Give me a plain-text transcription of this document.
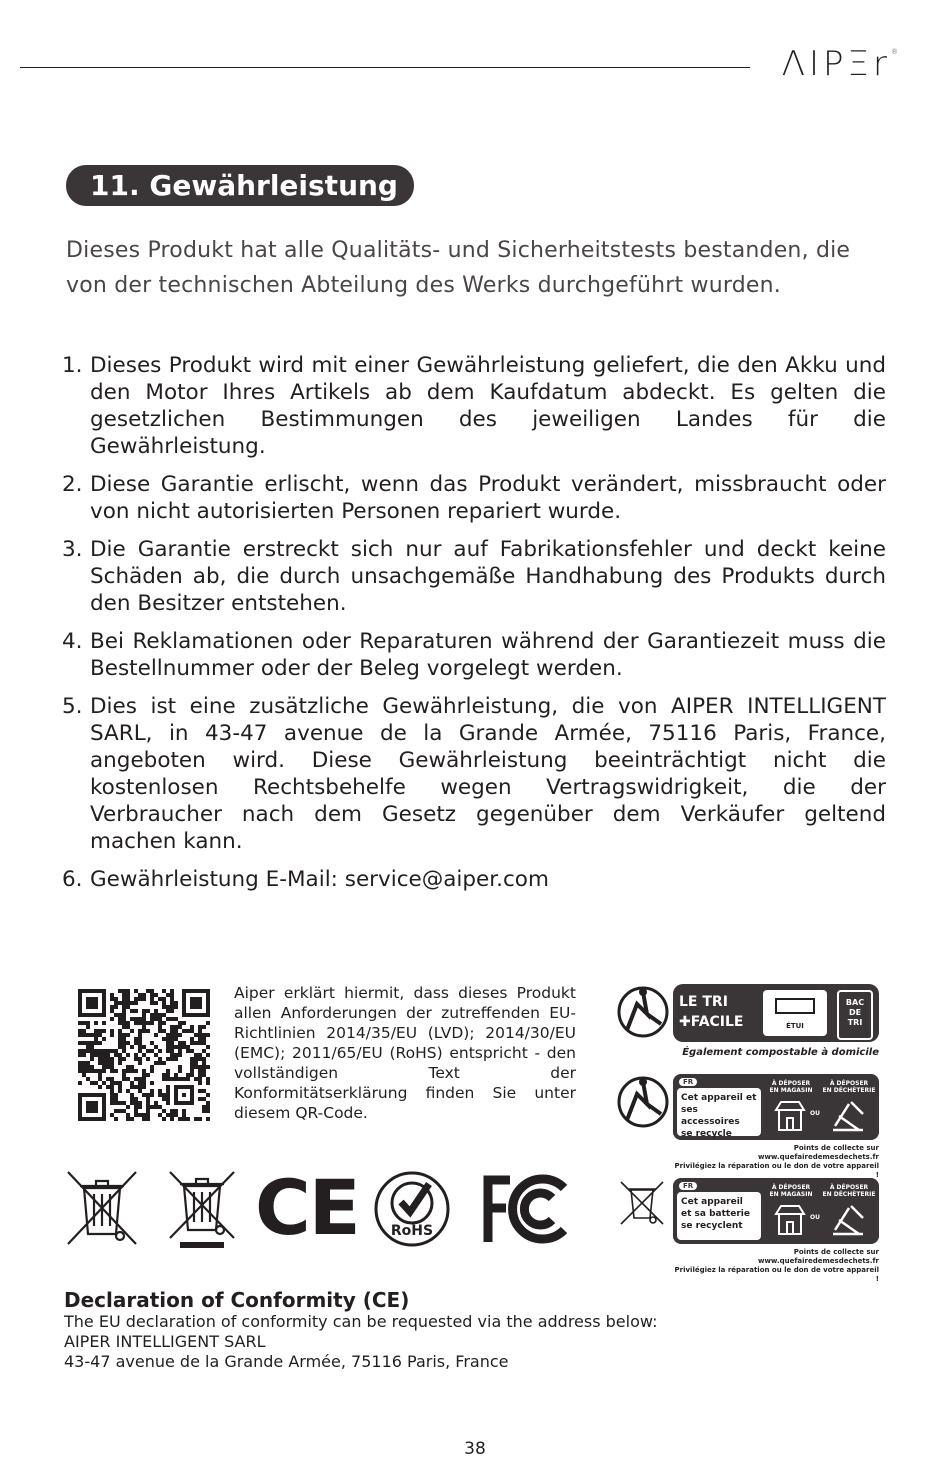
ΛIPΞr®
11. Gewährleistung
Dieses Produkt hat alle Qualitäts- und Sicherheitstests bestanden, die von der technischen Abteilung des Werks durchgeführt wurden.
1. Dieses Produkt wird mit einer Gewährleistung geliefert, die den Akku und den Motor Ihres Artikels ab dem Kaufdatum abdeckt. Es gelten die gesetzlichen Bestimmungen des jeweiligen Landes für die Gewährleistung.
2. Diese Garantie erlischt, wenn das Produkt verändert, missbraucht oder von nicht autorisierten Personen repariert wurde.
3. Die Garantie erstreckt sich nur auf Fabrikationsfehler und deckt keine Schäden ab, die durch unsachgemäße Handhabung des Produkts durch den Besitzer entstehen.
4. Bei Reklamationen oder Reparaturen während der Garantiezeit muss die Bestellnummer oder der Beleg vorgelegt werden.
5. Dies ist eine zusätzliche Gewährleistung, die von AIPER INTELLIGENT SARL, in 43-47 avenue de la Grande Armée, 75116 Paris, France, angeboten wird. Diese Gewährleistung beeinträchtigt nicht die kostenlosen Rechtsbehelfe wegen Vertragswidrigkeit, die der Verbraucher nach dem Gesetz gegenüber dem Verkäufer geltend machen kann.
6. Gewährleistung E-Mail: service@aiper.com
Aiper erklärt hiermit, dass dieses Produkt allen Anforderungen der zutreffenden EU-Richtlinien 2014/35/EU (LVD); 2014/30/EU (EMC); 2011/65/EU (RoHS) entspricht - den vollständigen Text der Konformitätserklärung finden Sie unter diesem QR-Code.
CE RoHS
LE TRI
✚FACILE	ÉTUI
BAC
DE
TRI
Également compostable à domicile
FR
Cet appareil et
ses accessoires
se recycle
À DÉPOSER
EN MAGASIN
À DÉPOSER
EN DÉCHÈTERIE
OU
Points de collecte sur www.quefairedemesdechets.fr
Privilégiez la réparation ou le don de votre appareil !
FR
Cet appareil
et sa batterie
se recyclent
À DÉPOSER
EN MAGASIN
À DÉPOSER
EN DÉCHÈTERIE
OU
Points de collecte sur www.quefairedemesdechets.fr
Privilégiez la réparation ou le don de votre appareil !
Declaration of Conformity (CE)
The EU declaration of conformity can be requested via the address below:
AIPER INTELLIGENT SARL
43-47 avenue de la Grande Armée, 75116 Paris, France
38
